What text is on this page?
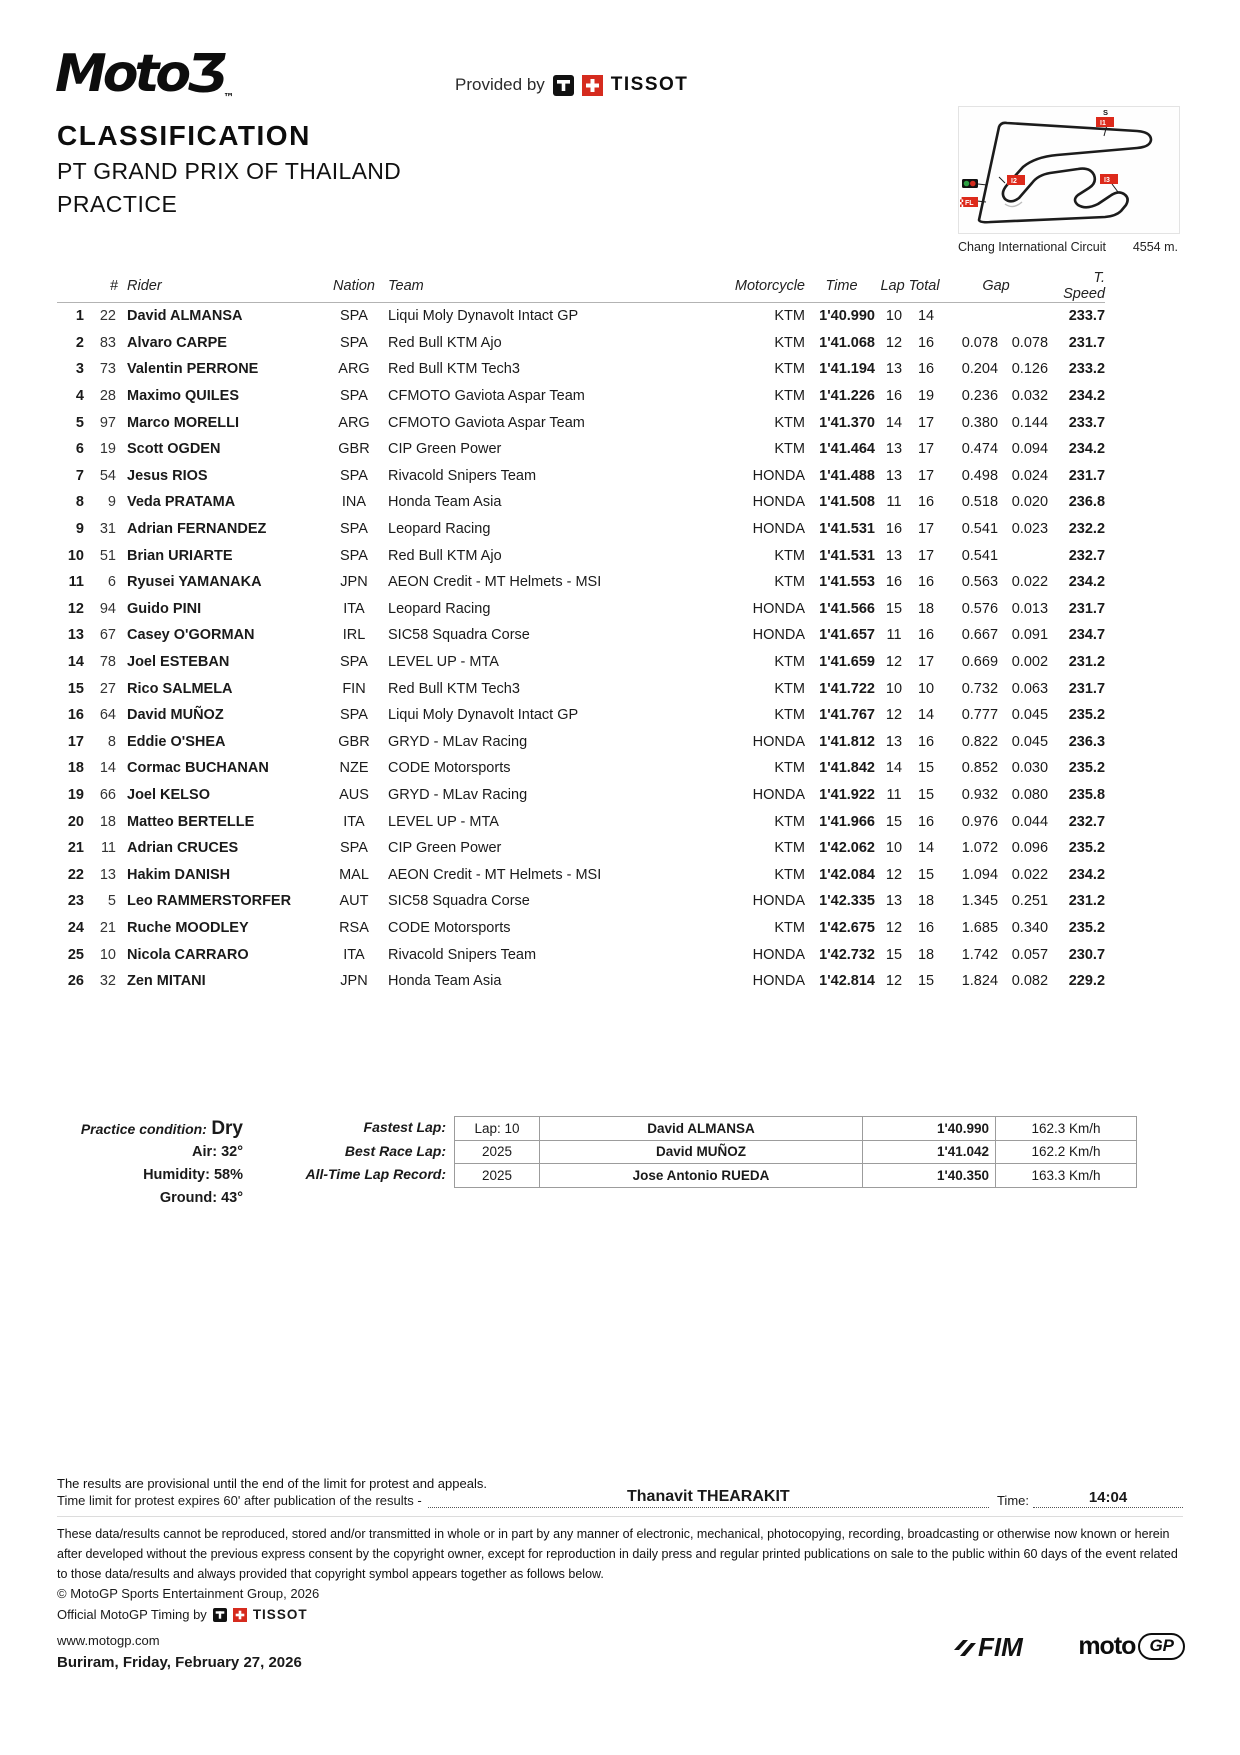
MotoƷ™
Provided by	TISSOT
CLASSIFICATION
PT GRAND PRIX OF THAILAND
PRACTICE
S
I1
I2	I3
FL
Chang International Circuit 4554 m.
	#	Rider	Nation	Team	Motorcycle	Time	Lap Total		Gap		T. Speed
1	22	David ALMANSA	SPA	Liqui Moly Dynavolt Intact GP	KTM	1'40.990	10	14			233.7
2	83	Alvaro CARPE	SPA	Red Bull KTM Ajo	KTM	1'41.068	12	16	0.078	0.078	231.7
3	73	Valentin PERRONE	ARG	Red Bull KTM Tech3	KTM	1'41.194	13	16	0.204	0.126	233.2
4	28	Maximo QUILES	SPA	CFMOTO Gaviota Aspar Team	KTM	1'41.226	16	19	0.236	0.032	234.2
5	97	Marco MORELLI	ARG	CFMOTO Gaviota Aspar Team	KTM	1'41.370	14	17	0.380	0.144	233.7
6	19	Scott OGDEN	GBR	CIP Green Power	KTM	1'41.464	13	17	0.474	0.094	234.2
7	54	Jesus RIOS	SPA	Rivacold Snipers Team	HONDA	1'41.488	13	17	0.498	0.024	231.7
8	9	Veda PRATAMA	INA	Honda Team Asia	HONDA	1'41.508	11	16	0.518	0.020	236.8
9	31	Adrian FERNANDEZ	SPA	Leopard Racing	HONDA	1'41.531	16	17	0.541	0.023	232.2
10	51	Brian URIARTE	SPA	Red Bull KTM Ajo	KTM	1'41.531	13	17	0.541		232.7
11	6	Ryusei YAMANAKA	JPN	AEON Credit - MT Helmets - MSI	KTM	1'41.553	16	16	0.563	0.022	234.2
12	94	Guido PINI	ITA	Leopard Racing	HONDA	1'41.566	15	18	0.576	0.013	231.7
13	67	Casey O'GORMAN	IRL	SIC58 Squadra Corse	HONDA	1'41.657	11	16	0.667	0.091	234.7
14	78	Joel ESTEBAN	SPA	LEVEL UP - MTA	KTM	1'41.659	12	17	0.669	0.002	231.2
15	27	Rico SALMELA	FIN	Red Bull KTM Tech3	KTM	1'41.722	10	10	0.732	0.063	231.7
16	64	David MUÑOZ	SPA	Liqui Moly Dynavolt Intact GP	KTM	1'41.767	12	14	0.777	0.045	235.2
17	8	Eddie O'SHEA	GBR	GRYD - MLav Racing	HONDA	1'41.812	13	16	0.822	0.045	236.3
18	14	Cormac BUCHANAN	NZE	CODE Motorsports	KTM	1'41.842	14	15	0.852	0.030	235.2
19	66	Joel KELSO	AUS	GRYD - MLav Racing	HONDA	1'41.922	11	15	0.932	0.080	235.8
20	18	Matteo BERTELLE	ITA	LEVEL UP - MTA	KTM	1'41.966	15	16	0.976	0.044	232.7
21	11	Adrian CRUCES	SPA	CIP Green Power	KTM	1'42.062	10	14	1.072	0.096	235.2
22	13	Hakim DANISH	MAL	AEON Credit - MT Helmets - MSI	KTM	1'42.084	12	15	1.094	0.022	234.2
23	5	Leo RAMMERSTORFER	AUT	SIC58 Squadra Corse	HONDA	1'42.335	13	18	1.345	0.251	231.2
24	21	Ruche MOODLEY	RSA	CODE Motorsports	KTM	1'42.675	12	16	1.685	0.340	235.2
25	10	Nicola CARRARO	ITA	Rivacold Snipers Team	HONDA	1'42.732	15	18	1.742	0.057	230.7
26	32	Zen MITANI	JPN	Honda Team Asia	HONDA	1'42.814	12	15	1.824	0.082	229.2
Practice condition: Dry
Air: 32°
Humidity: 58%
Ground: 43°
Fastest Lap:
Best Race Lap:
All-Time Lap Record:
Lap: 10	David ALMANSA	1'40.990	162.3 Km/h
2025	David MUÑOZ	1'41.042	162.2 Km/h
2025	Jose Antonio RUEDA	1'40.350	163.3 Km/h
The results are provisional until the end of the limit for protest and appeals.
Time limit for protest expires 60' after publication of the results -	Thanavit THEARAKIT	Time:	14:04
These data/results cannot be reproduced, stored and/or transmitted in whole or in part by any manner of electronic, mechanical, photocopying, recording, broadcasting or otherwise now known or herein after developed without the previous express consent by the copyright owner, except for reproduction in daily press and regular printed publications on sale to the public within 60 days of the event related to those data/results and always provided that copyright symbol appears together as follows below.
© MotoGP Sports Entertainment Group, 2026
Official MotoGP Timing by	TISSOT
www.motogp.com
Buriram, Friday, February 27, 2026
FIM moto GP
